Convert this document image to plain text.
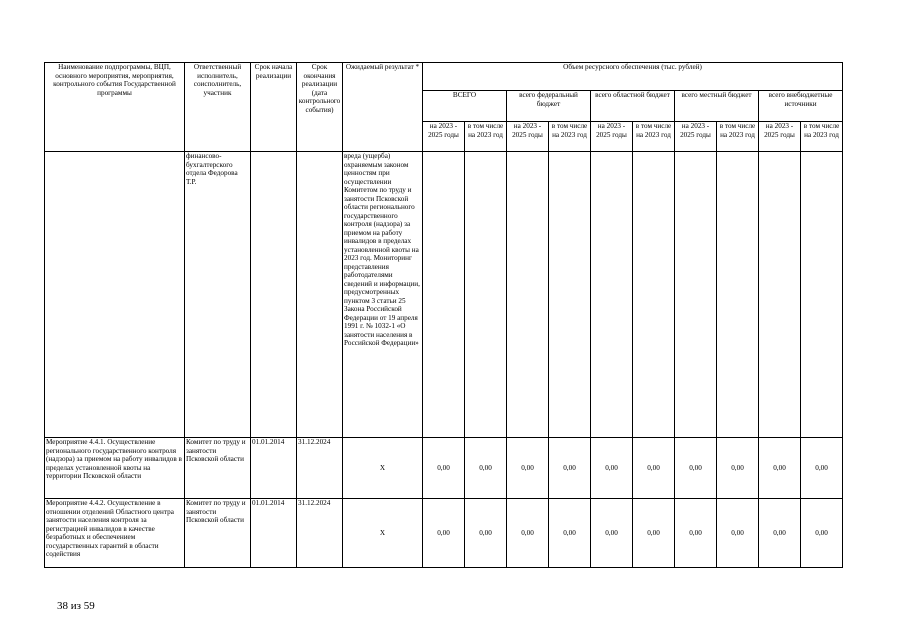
Наименование подпрограммы, ВЦП, основного мероприятия, мероприятия, контрольного события Государственной программы	Ответственный исполнитель, соисполнитель, участник	Срок начала реализации	Срок окончания реализации (дата контрольного события)	Ожидаемый результат *	Объем ресурсного обеспечения (тыс. рублей)									
					ВСЕГО		всего федеральный бюджет		всего областной бюджет		всего местный бюджет		всего внебюджетные источники	
					на 2023 - 2025 годы	в том числе на 2023 год	на 2023 - 2025 годы	в том числе на 2023 год	на 2023 - 2025 годы	в том числе на 2023 год	на 2023 - 2025 годы	в том числе на 2023 год	на 2023 - 2025 годы	в том числе на 2023 год
	финансово-бухгалтерского отдела Федорова Т.Р.			вреда (ущерба) охраняемым законом ценностям при осуществлении Комитетом по труду и занятости Псковской области регионального государственного контроля (надзора) за приемом на работу инвалидов в пределах установленной квоты на 2023 год. Мониторинг представления работодателями сведений и информации, предусмотренных пунктом 3 статьи 25 Закона Российской Федерации от 19 апреля 1991 г. № 1032-1 «О занятости населения в Российской Федерации»										
Мероприятие 4.4.1. Осуществление регионального государственного контроля (надзора) за приемом на работу инвалидов в пределах установленной квоты на территории Псковской области	Комитет по труду и занятости Псковской области	01.01.2014	31.12.2024	X	0,00	0,00	0,00	0,00	0,00	0,00	0,00	0,00	0,00	0,00
Мероприятие 4.4.2. Осуществление в отношении отделений Областного центра занятости населения контроля за регистрацией инвалидов в качестве безработных и обеспечением государственных гарантий в области содействия	Комитет по труду и занятости Псковской области	01.01.2014	31.12.2024	X	0,00	0,00	0,00	0,00	0,00	0,00	0,00	0,00	0,00	0,00
38 из 59
